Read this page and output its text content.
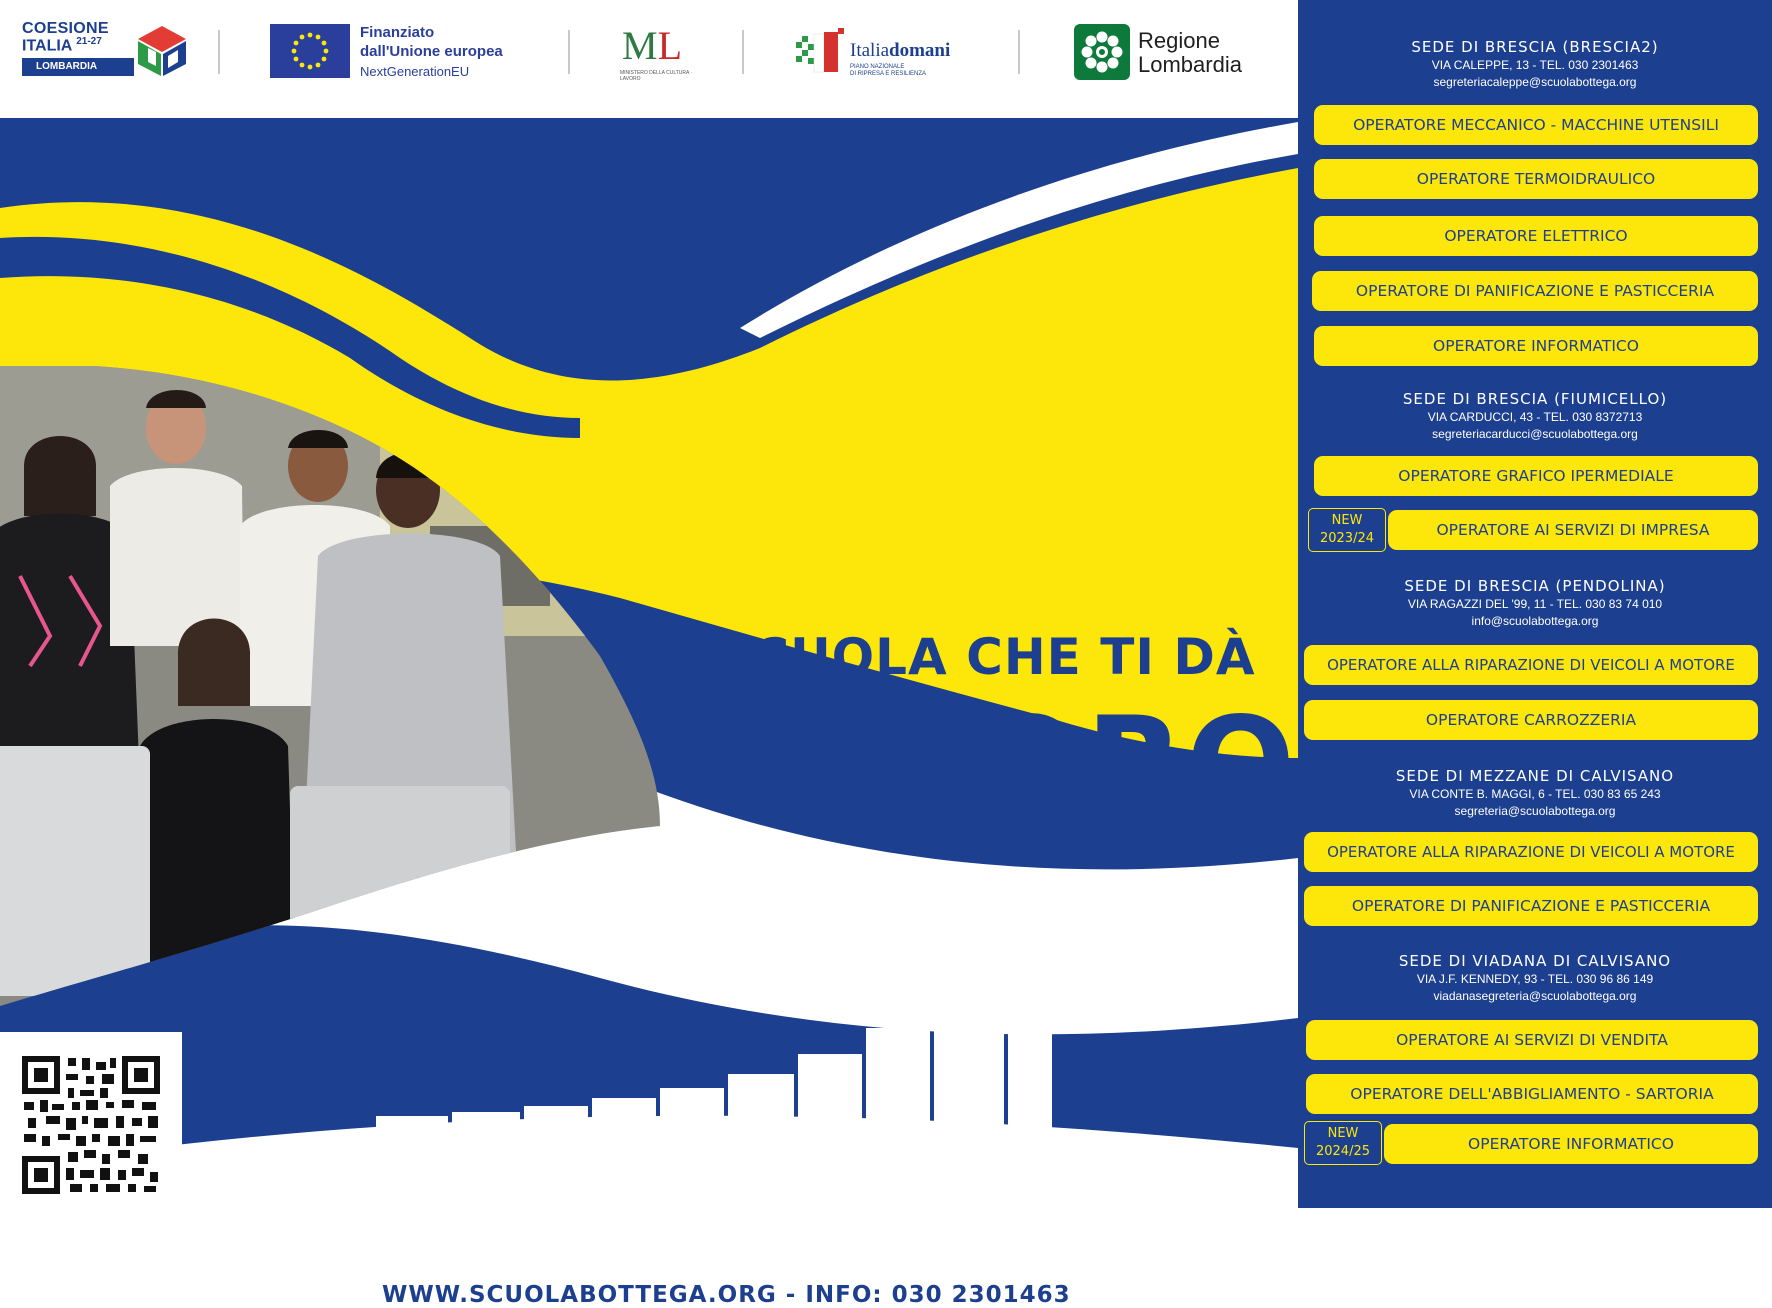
COESIONE
ITALIA $^{21-27}$
LOMBARDIA
Finanziato
dall'Unione europea
NextGenerationEU
ML
MINISTERO DELLA CULTURA · LAVORO
Italiadomani
PIANO NAZIONALE
DI RIPRESA E RESILIENZA
Regione
Lombardia
LA SCUOLA CHE TI DÀ
LAVORO
Scuola Bottega Artigiani Brescia
WWW.SCUOLABOTTEGA.ORG - INFO: 030 2301463
SEDE DI BRESCIA (BRESCIA2)
VIA CALEPPE, 13 - TEL. 030 2301463
segreteriacaleppe@scuolabottega.org
OPERATORE MECCANICO - MACCHINE UTENSILI
OPERATORE TERMOIDRAULICO
OPERATORE ELETTRICO
OPERATORE DI PANIFICAZIONE E PASTICCERIA
OPERATORE INFORMATICO
SEDE DI BRESCIA (FIUMICELLO)
VIA CARDUCCI, 43 - TEL. 030 8372713
segreteriacarducci@scuolabottega.org
OPERATORE GRAFICO IPERMEDIALE
NEW
2023/24	OPERATORE AI SERVIZI DI IMPRESA
SEDE DI BRESCIA (PENDOLINA)
VIA RAGAZZI DEL '99, 11 - TEL. 030 83 74 010
info@scuolabottega.org
OPERATORE ALLA RIPARAZIONE DI VEICOLI A MOTORE
OPERATORE CARROZZERIA
SEDE DI MEZZANE DI CALVISANO
VIA CONTE B. MAGGI, 6 - TEL. 030 83 65 243
segreteria@scuolabottega.org
OPERATORE ALLA RIPARAZIONE DI VEICOLI A MOTORE
OPERATORE DI PANIFICAZIONE E PASTICCERIA
SEDE DI VIADANA DI CALVISANO
VIA J.F. KENNEDY, 93 - TEL. 030 96 86 149
viadanasegreteria@scuolabottega.org
OPERATORE AI SERVIZI DI VENDITA
OPERATORE DELL'ABBIGLIAMENTO - SARTORIA
NEW
2024/25	OPERATORE INFORMATICO
